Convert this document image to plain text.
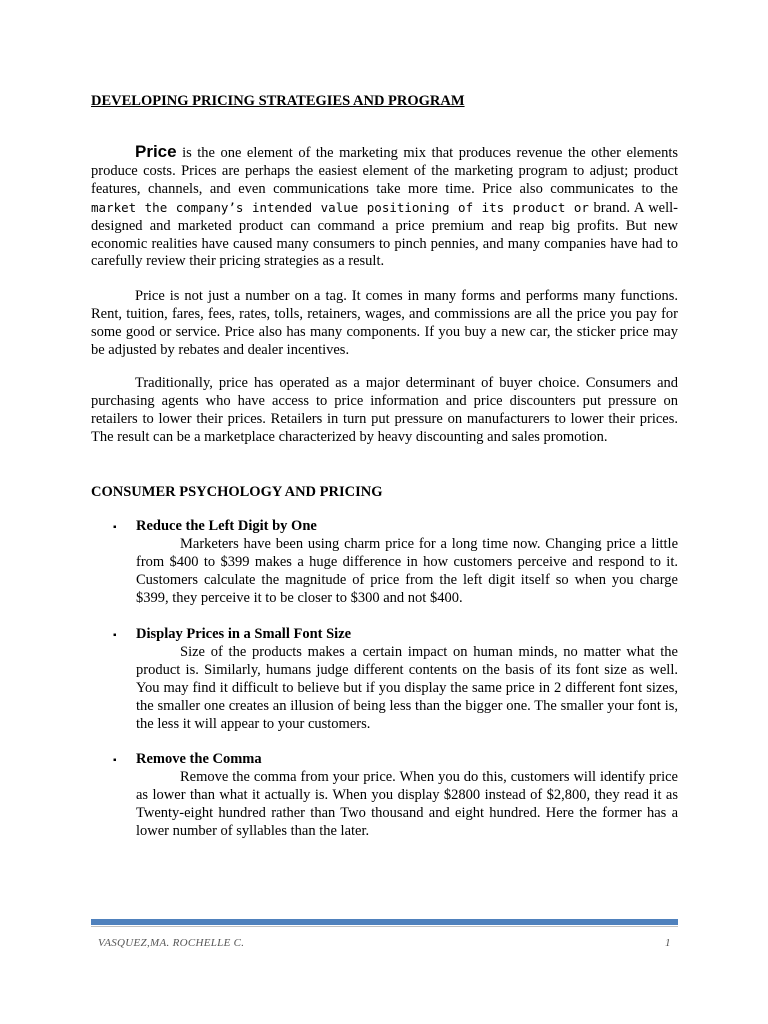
DEVELOPING PRICING STRATEGIES AND PROGRAM
Price is the one element of the marketing mix that produces revenue the other elements produce costs. Prices are perhaps the easiest element of the marketing program to adjust; product features, channels, and even communications take more time. Price also communicates to the market the company’s intended value positioning of its product or brand. A well-designed and marketed product can command a price premium and reap big profits. But new economic realities have caused many consumers to pinch pennies, and many companies have had to carefully review their pricing strategies as a result.
Price is not just a number on a tag. It comes in many forms and performs many functions. Rent, tuition, fares, fees, rates, tolls, retainers, wages, and commissions are all the price you pay for some good or service. Price also has many components. If you buy a new car, the sticker price may be adjusted by rebates and dealer incentives.
Traditionally, price has operated as a major determinant of buyer choice. Consumers and purchasing agents who have access to price information and price discounters put pressure on retailers to lower their prices. Retailers in turn put pressure on manufacturers to lower their prices. The result can be a marketplace characterized by heavy discounting and sales promotion.
CONSUMER PSYCHOLOGY AND PRICING
▪ Reduce the Left Digit by One
Marketers have been using charm price for a long time now. Changing price a little from $400 to $399 makes a huge difference in how customers perceive and respond to it. Customers calculate the magnitude of price from the left digit itself so when you charge $399, they perceive it to be closer to $300 and not $400.
▪ Display Prices in a Small Font Size
Size of the products makes a certain impact on human minds, no matter what the product is. Similarly, humans judge different contents on the basis of its font size as well. You may find it difficult to believe but if you display the same price in 2 different font sizes, the smaller one creates an illusion of being less than the bigger one. The smaller your font is, the less it will appear to your customers.
▪ Remove the Comma
Remove the comma from your price. When you do this, customers will identify price as lower than what it actually is. When you display $2800 instead of $2,800, they read it as Twenty-eight hundred rather than Two thousand and eight hundred. Here the former has a lower number of syllables than the later.
VASQUEZ,MA. ROCHELLE C.	1
